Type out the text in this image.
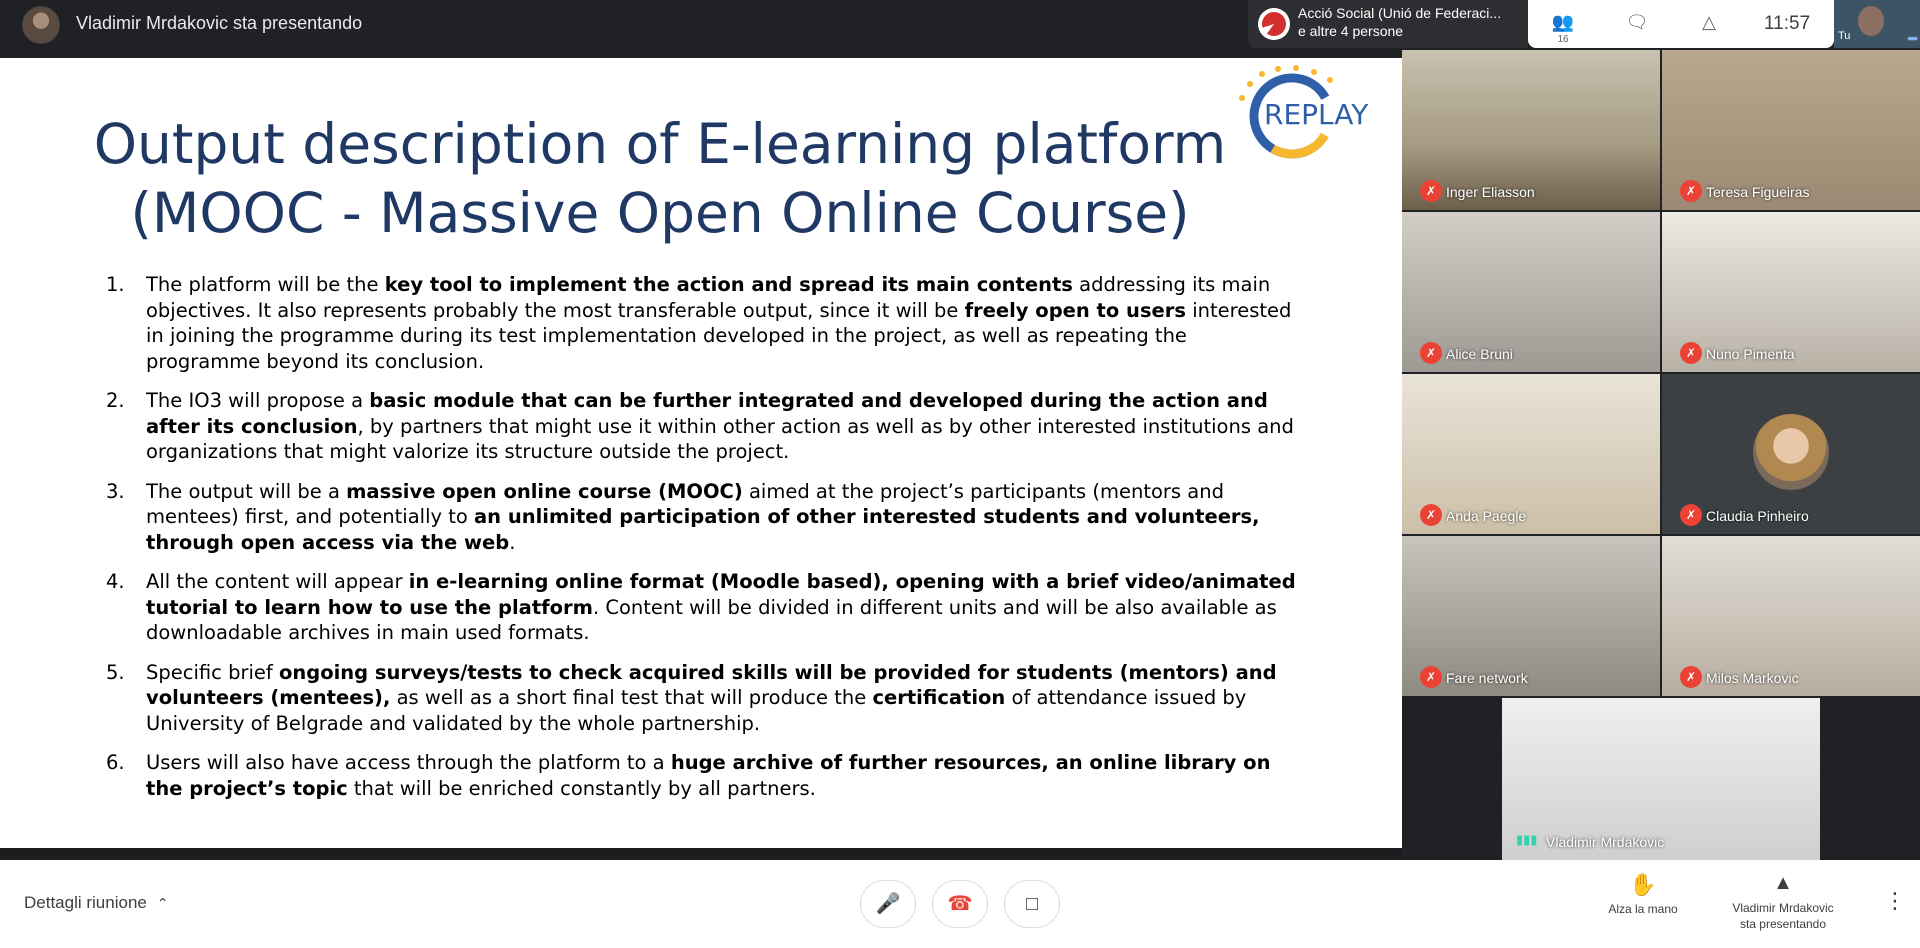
Vladimir Mrdakovic sta presentando	Acció Social (Unió de Federaci...
e altre 4 persone	👥$^{16}$
🗨	△	11:57
Tu	•••
Output description of E-learning platform
(MOOC - Massive Open Online Course)
REPLAY
1. The platform will be the key tool to implement the action and spread its main contents addressing its main objectives. It also represents probably the most transferable output, since it will be freely open to users interested in joining the programme during its test implementation developed in the project, as well as repeating the programme beyond its conclusion.
2. The IO3 will propose a basic module that can be further integrated and developed during the action and after its conclusion, by partners that might use it within other action as well as by other interested institutions and organizations that might valorize its structure outside the project.
3. The output will be a massive open online course (MOOC) aimed at the project’s participants (mentors and mentees) first, and potentially to an unlimited participation of other interested students and volunteers, through open access via the web.
4. All the content will appear in e-learning online format (Moodle based), opening with a brief video/animated tutorial to learn how to use the platform. Content will be divided in different units and will be also available as downloadable archives in main used formats.
5. Specific brief ongoing surveys/tests to check acquired skills will be provided for students (mentors) and volunteers (mentees), as well as a short final test that will produce the certification of attendance issued by University of Belgrade and validated by the whole partnership.
6. Users will also have access through the platform to a huge archive of further resources, an online library on the project’s topic that will be enriched constantly by all partners.
✗ Inger Eliasson	✗ Teresa Figueiras
✗ Alice Bruni	✗ Nuno Pimenta
✗ Anda Paegle	✗ Claudia Pinheiro
✗ Fare network	✗ Milos Markovic
▮▮▮ Vladimir Mrdakovic
Dettagli riunione ⌃	🎤	☎	□
✋
Alza la mano
▲
Vladimir Mrdakovic
sta presentando
⋮
